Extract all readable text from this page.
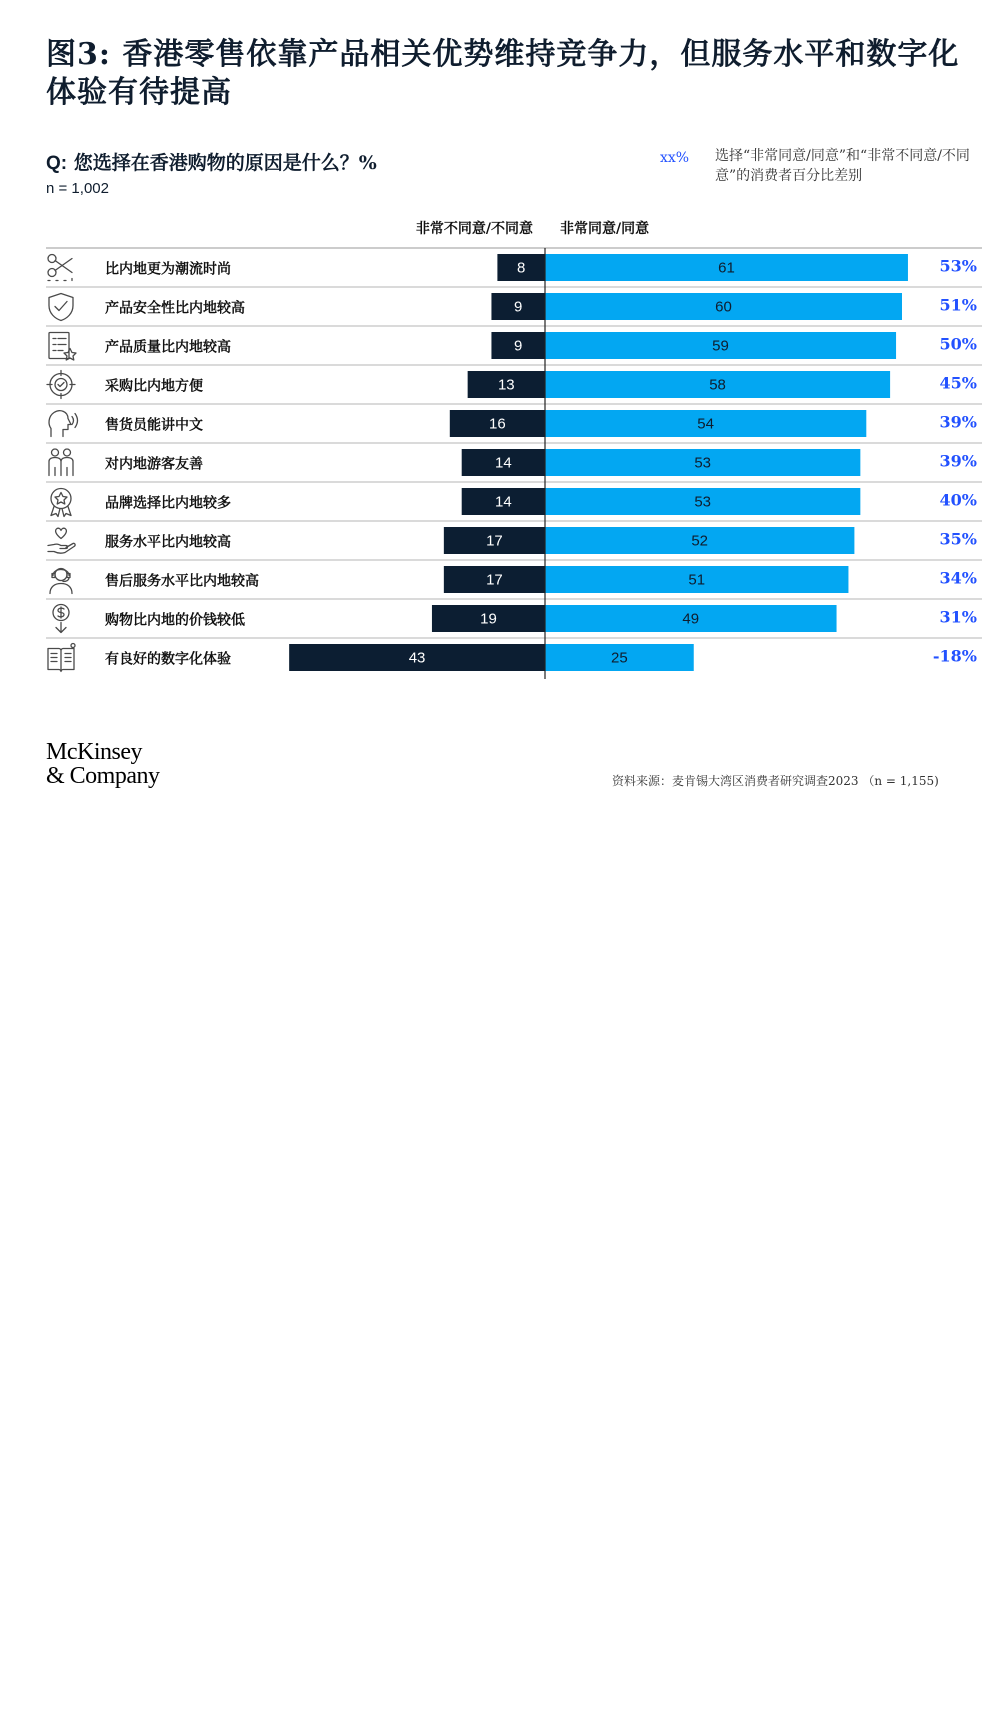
图3: 香港零售依靠产品相关优势维持竞争力，但服务水平和数字化体验有待提高
Q: 您选择在香港购物的原因是什么？%
n = 1,002
xx% 选择“非常同意/同意”和“非常不同意/不同意”的消费者百分比差别
非常不同意/不同意 非常同意/同意
比内地更为潮流时尚	8	61	53%
产品安全性比内地较高	9	60	51%
产品质量比内地较高	9	59	50%
采购比内地方便	13	58	45%
售货员能讲中文	16	54	39%
对内地游客友善	14	53	39%
品牌选择比内地较多	14	53	40%
服务水平比内地较高	17	52	35%
售后服务水平比内地较高	17	51	34%
购物比内地的价钱较低	19	49	31%
有良好的数字化体验	43	25	-18%
McKinsey
& Company	资料来源：麦肯锡大湾区消费者研究调查2023 （n = 1,155)
